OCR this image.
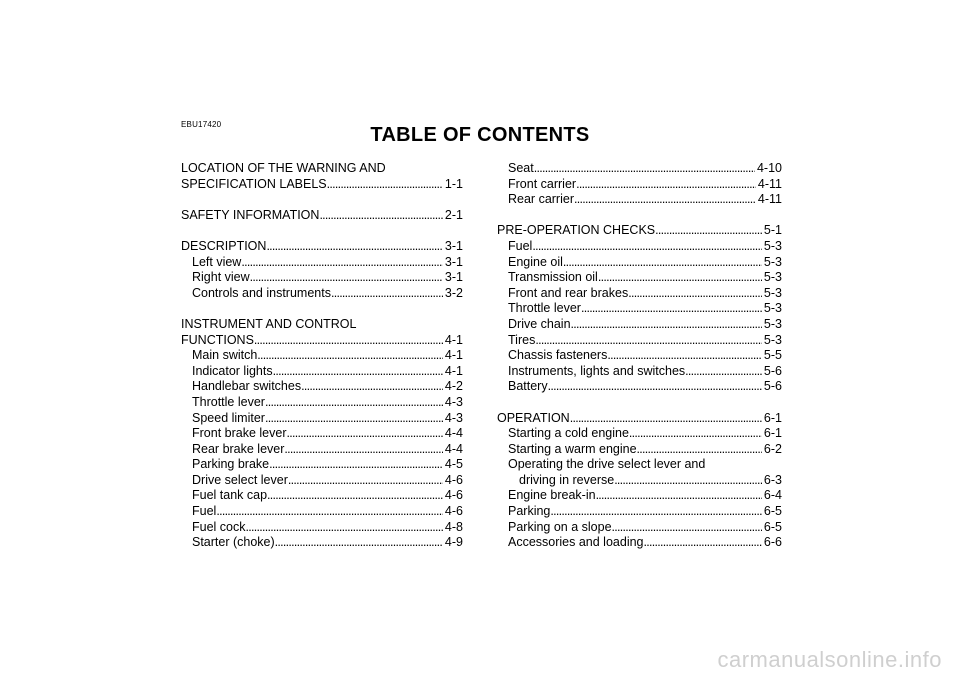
EBU17420	TABLE OF CONTENTS
LOCATION OF THE WARNING AND
SPECIFICATION LABELS . . .	1-1
SAFETY INFORMATION . . .	2-1
DESCRIPTION . . .	3-1
Left view . . .	3-1
Right view . . .	3-1
Controls and instruments . . .	3-2
INSTRUMENT AND CONTROL
FUNCTIONS . . .	4-1
Main switch . . .	4-1
Indicator lights . . .	4-1
Handlebar switches . . .	4-2
Throttle lever . . .	4-3
Speed limiter . . .	4-3
Front brake lever . . .	4-4
Rear brake lever . . .	4-4
Parking brake . . .	4-5
Drive select lever . . .	4-6
Fuel tank cap . . .	4-6
Fuel . . .	4-6
Fuel cock . . .	4-8
Starter (choke) . . .	4-9
Seat . . .	4-10
Front carrier . . .	4-11
Rear carrier . . .	4-11
PRE-OPERATION CHECKS . . .	5-1
Fuel . . .	5-3
Engine oil . . .	5-3
Transmission oil . . .	5-3
Front and rear brakes . . .	5-3
Throttle lever . . .	5-3
Drive chain . . .	5-3
Tires . . .	5-3
Chassis fasteners . . .	5-5
Instruments, lights and switches . . .	5-6
Battery . . .	5-6
OPERATION . . .	6-1
Starting a cold engine . . .	6-1
Starting a warm engine . . .	6-2
Operating the drive select lever and
driving in reverse . . .	6-3
Engine break-in . . .	6-4
Parking . . .	6-5
Parking on a slope . . .	6-5
Accessories and loading . . .	6-6
carmanualsonline.info
